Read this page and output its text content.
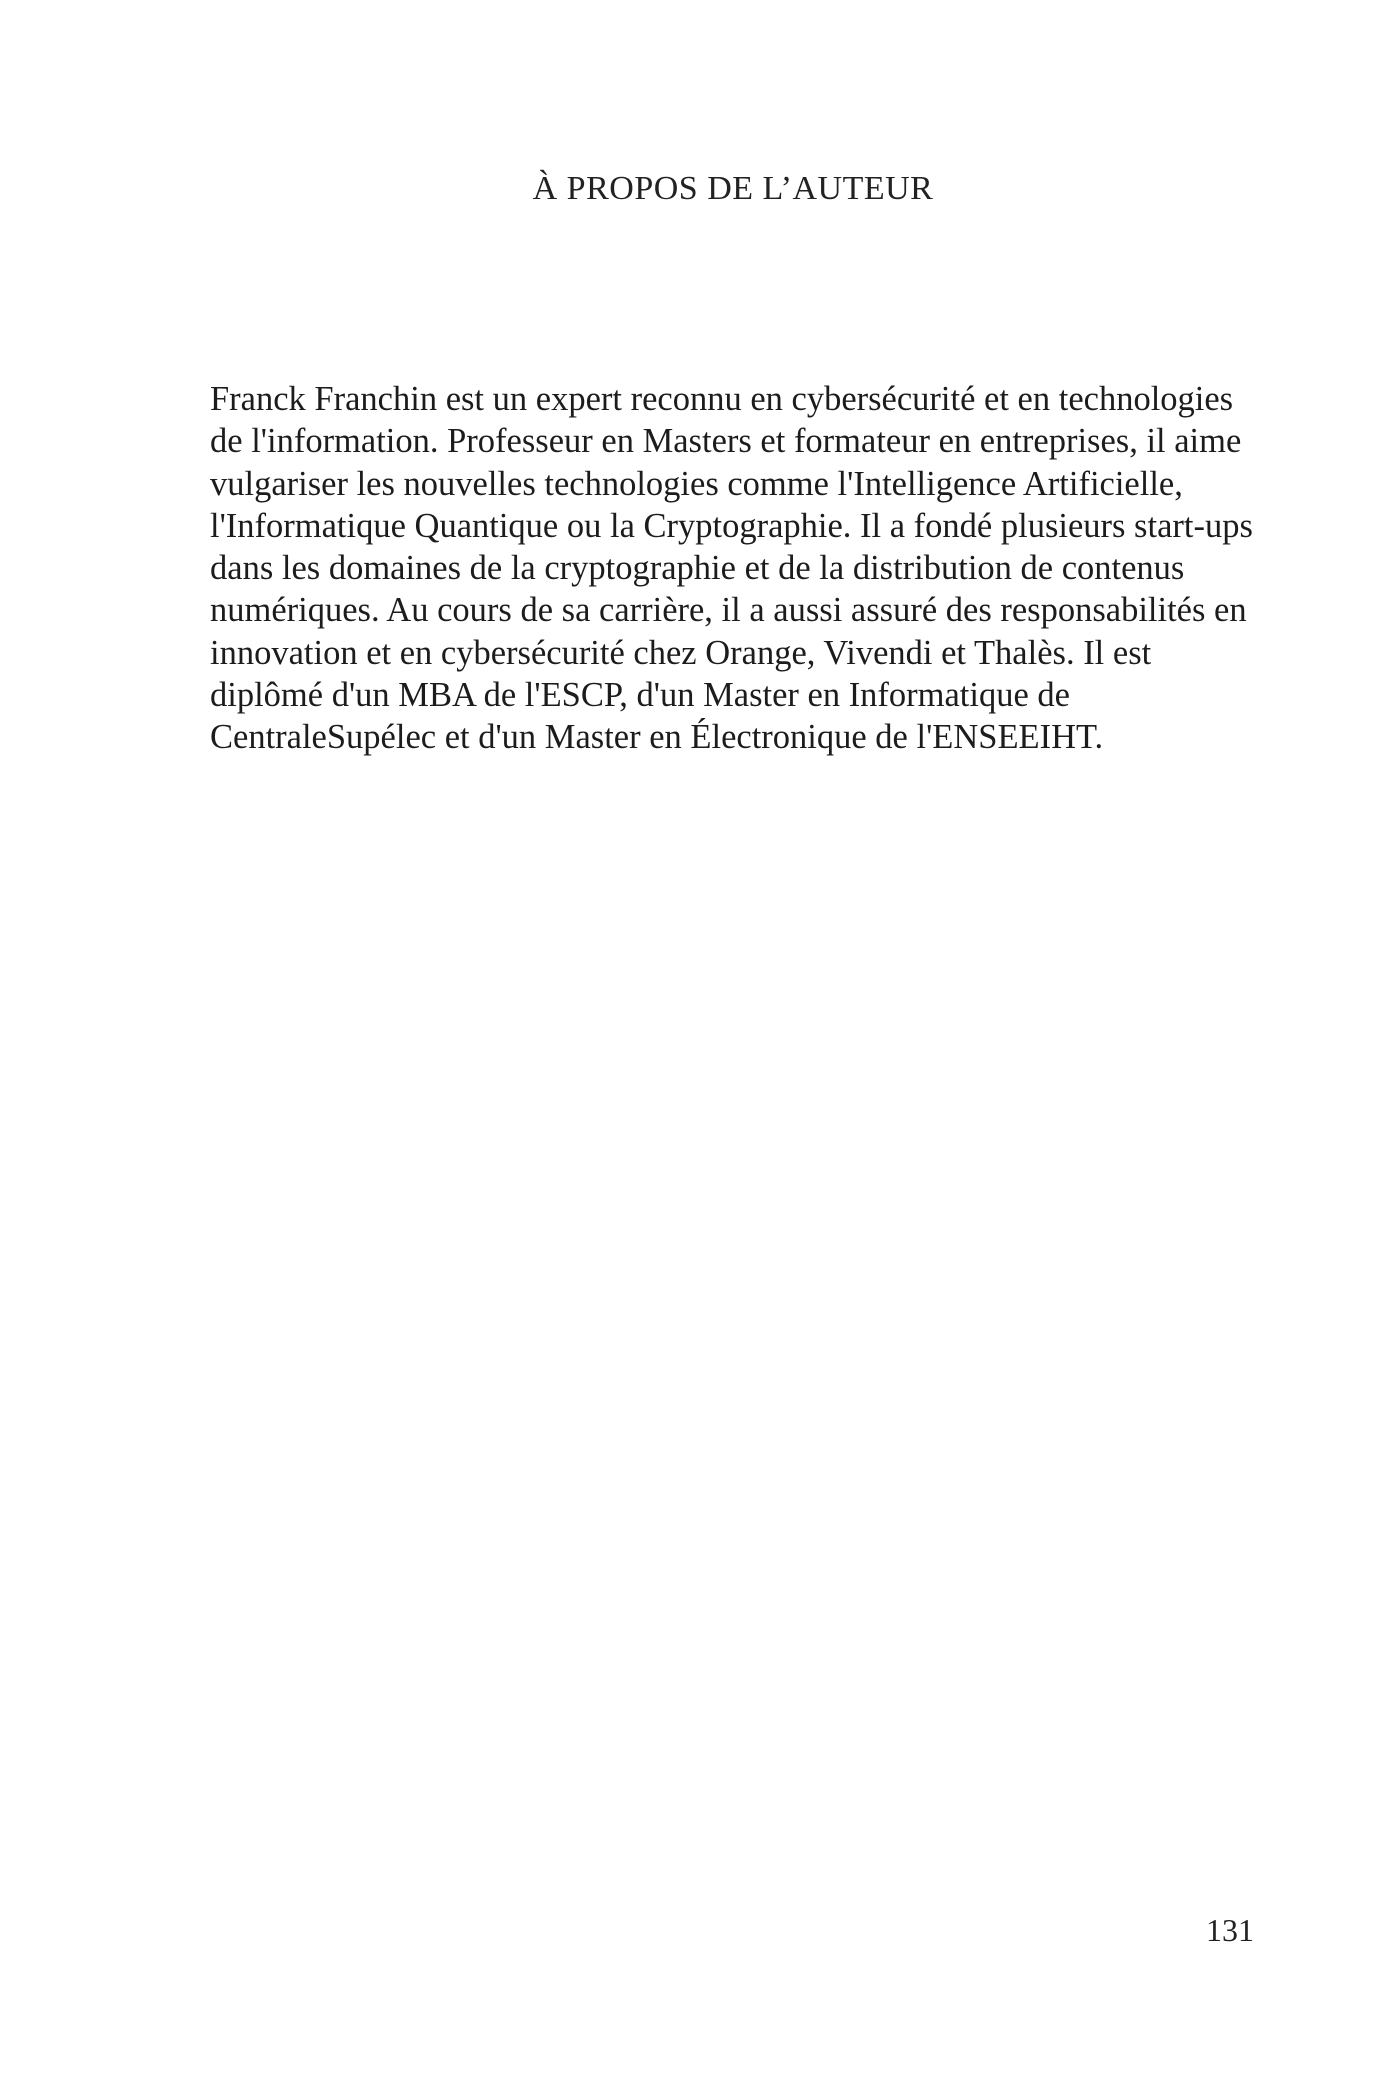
À PROPOS DE L’AUTEUR

Franck Franchin est un expert reconnu en cybersécurité et en technologies
de l'information. Professeur en Masters et formateur en entreprises, il aime
vulgariser les nouvelles technologies comme l'Intelligence Artificielle,
l'Informatique Quantique ou la Cryptographie. Il a fondé plusieurs start-ups
dans les domaines de la cryptographie et de la distribution de contenus
numériques. Au cours de sa carrière, il a aussi assuré des responsabilités en
innovation et en cybersécurité chez Orange, Vivendi et Thalès. Il est
diplômé d'un MBA de l'ESCP, d'un Master en Informatique de
CentraleSupélec et d'un Master en Électronique de l'ENSEEIHT.

131
